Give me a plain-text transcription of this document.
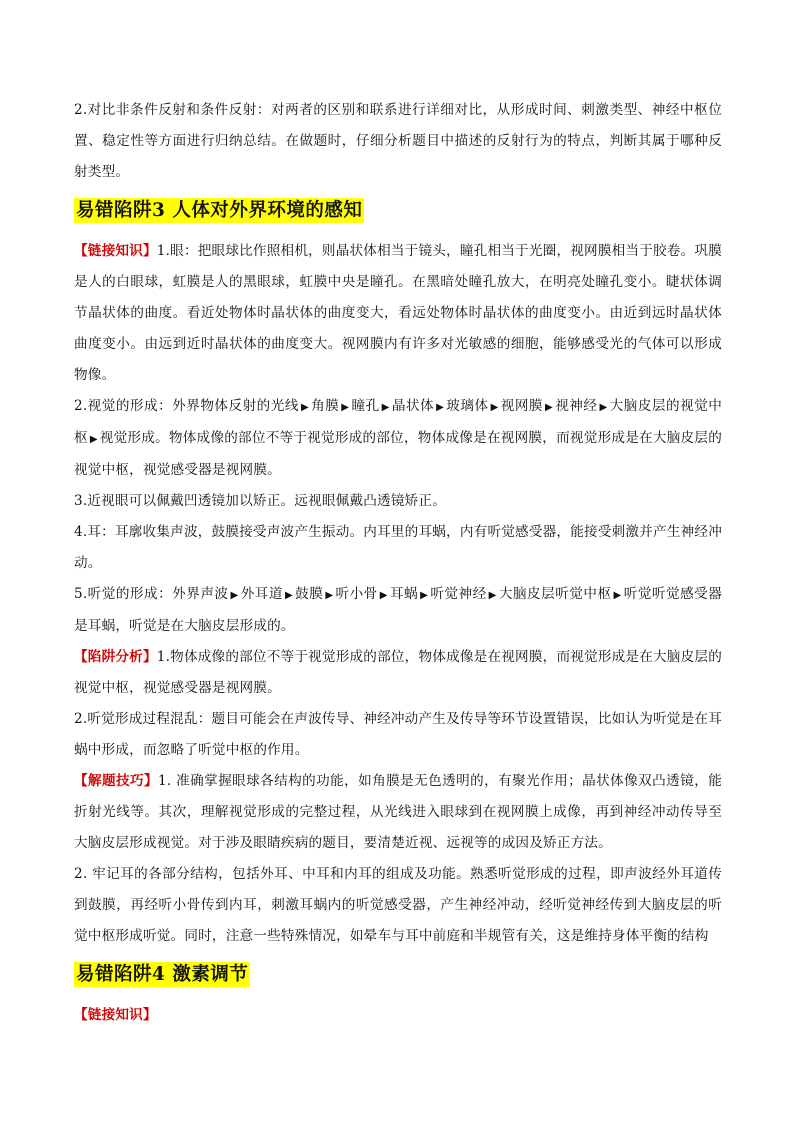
2.对比非条件反射和条件反射：对两者的区别和联系进行详细对比，从形成时间、刺激类型、神经中枢位置、稳定性等方面进行归纳总结。在做题时，仔细分析题目中描述的反射行为的特点，判断其属于哪种反射类型。

易错陷阱3 人体对外界环境的感知

【链接知识】1.眼：把眼球比作照相机，则晶状体相当于镜头，瞳孔相当于光圈，视网膜相当于胶卷。巩膜是人的白眼球，虹膜是人的黑眼球，虹膜中央是瞳孔。在黑暗处瞳孔放大，在明亮处瞳孔变小。睫状体调节晶状体的曲度。看近处物体时晶状体的曲度变大，看远处物体时晶状体的曲度变小。由近到远时晶状体曲度变小。由远到近时晶状体的曲度变大。视网膜内有许多对光敏感的细胞，能够感受光的气体可以形成物像。

2.视觉的形成：外界物体反射的光线 ▶ 角膜 ▶ 瞳孔 ▶ 晶状体 ▶ 玻璃体 ▶ 视网膜 ▶ 视神经 ▶ 大脑皮层的视觉中枢 ▶ 视觉形成。物体成像的部位不等于视觉形成的部位，物体成像是在视网膜，而视觉形成是在大脑皮层的视觉中枢，视觉感受器是视网膜。

3.近视眼可以佩戴凹透镜加以矫正。远视眼佩戴凸透镜矫正。

4.耳：耳廓收集声波，鼓膜接受声波产生振动。内耳里的耳蜗，内有听觉感受器，能接受刺激并产生神经冲动。

5.听觉的形成：外界声波 ▶ 外耳道 ▶ 鼓膜 ▶ 听小骨 ▶ 耳蜗 ▶ 听觉神经 ▶ 大脑皮层听觉中枢 ▶ 听觉听觉感受器是耳蜗，听觉是在大脑皮层形成的。

【陷阱分析】1.物体成像的部位不等于视觉形成的部位，物体成像是在视网膜，而视觉形成是在大脑皮层的视觉中枢，视觉感受器是视网膜。

2.听觉形成过程混乱：题目可能会在声波传导、神经冲动产生及传导等环节设置错误，比如认为听觉是在耳蜗中形成，而忽略了听觉中枢的作用。

【解题技巧】1. 准确掌握眼球各结构的功能，如角膜是无色透明的，有聚光作用；晶状体像双凸透镜，能折射光线等。其次，理解视觉形成的完整过程，从光线进入眼球到在视网膜上成像，再到神经冲动传导至大脑皮层形成视觉。对于涉及眼睛疾病的题目，要清楚近视、远视等的成因及矫正方法。

2. 牢记耳的各部分结构，包括外耳、中耳和内耳的组成及功能。熟悉听觉形成的过程，即声波经外耳道传到鼓膜，再经听小骨传到内耳，刺激耳蜗内的听觉感受器，产生神经冲动，经听觉神经传到大脑皮层的听觉中枢形成听觉。同时，注意一些特殊情况，如晕车与耳中前庭和半规管有关，这是维持身体平衡的结构

易错陷阱4 激素调节

【链接知识】
